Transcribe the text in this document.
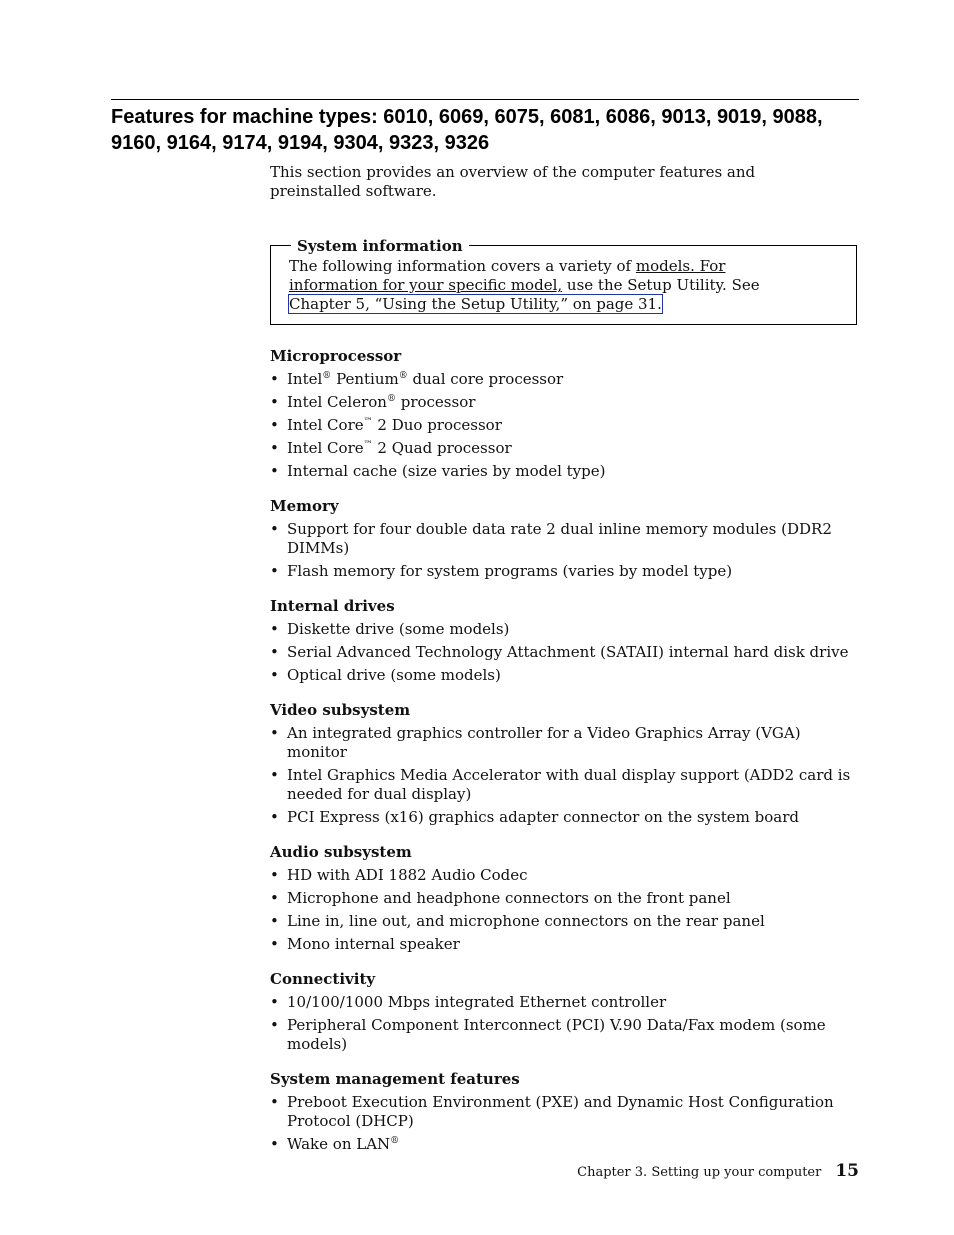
Features for machine types: 6010, 6069, 6075, 6081, 6086, 9013, 9019, 9088, 9160, 9164, 9174, 9194, 9304, 9323, 9326

This section provides an overview of the computer features and preinstalled software.

System information

The following information covers a variety of models. For information for your specific model, use the Setup Utility. See Chapter 5, “Using the Setup Utility,” on page 31.

Microprocessor
• Intel® Pentium® dual core processor
• Intel Celeron® processor
• Intel Core™ 2 Duo processor
• Intel Core™ 2 Quad processor
• Internal cache (size varies by model type)
Memory
• Support for four double data rate 2 dual inline memory modules (DDR2 DIMMs)
• Flash memory for system programs (varies by model type)
Internal drives
• Diskette drive (some models)
• Serial Advanced Technology Attachment (SATAII) internal hard disk drive
• Optical drive (some models)
Video subsystem
• An integrated graphics controller for a Video Graphics Array (VGA) monitor
• Intel Graphics Media Accelerator with dual display support (ADD2 card is needed for dual display)
• PCI Express (x16) graphics adapter connector on the system board
Audio subsystem
• HD with ADI 1882 Audio Codec
• Microphone and headphone connectors on the front panel
• Line in, line out, and microphone connectors on the rear panel
• Mono internal speaker
Connectivity
• 10/100/1000 Mbps integrated Ethernet controller
• Peripheral Component Interconnect (PCI) V.90 Data/Fax modem (some models)
System management features
• Preboot Execution Environment (PXE) and Dynamic Host Configuration Protocol (DHCP)
• Wake on LAN®
Chapter 3. Setting up your computer 15
